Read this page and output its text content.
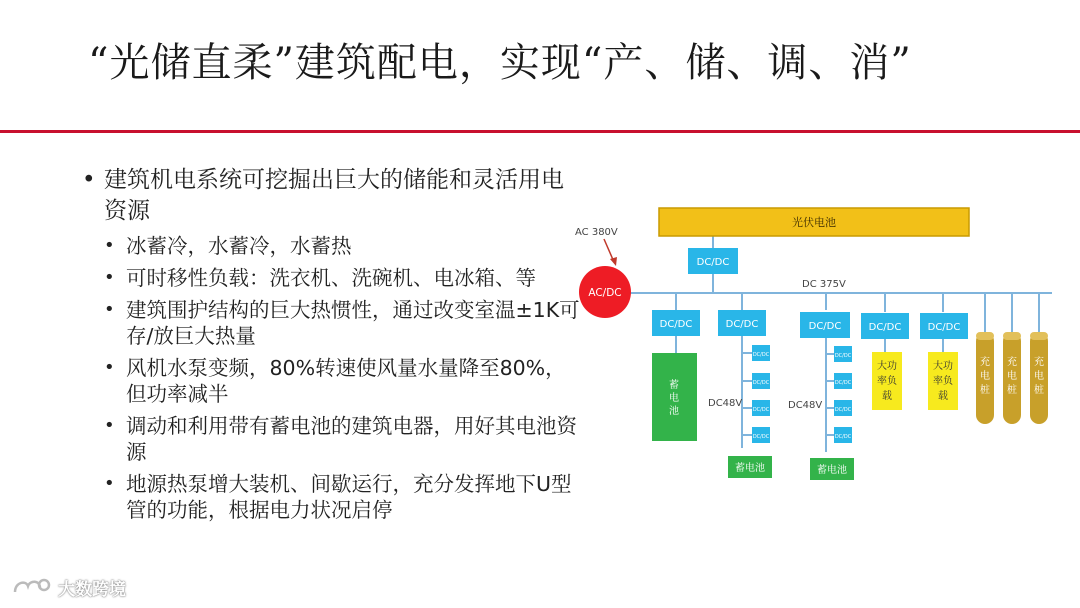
“光储直柔”建筑配电，实现“产、储、调、消”
• 建筑机电系统可挖掘出巨大的储能和灵活用电资源
• 冰蓄冷，水蓄冷，水蓄热
• 可时移性负载：洗衣机、洗碗机、电冰箱、等
• 建筑围护结构的巨大热惯性，通过改变室温±1K可存/放巨大热量
• 风机水泵变频，80%转速使风量水量降至80%，但功率减半
• 调动和利用带有蓄电池的建筑电器，用好其电池资源
• 地源热泵增大装机、间歇运行，充分发挥地下U型管的功能，根据电力状况启停
光伏电池
AC 380V
AC/DC
DC/DC
DC 375V
DC/DC	DC/DC	DC/DC	DC/DC	DC/DC
蓄
电
池
蓄电池
DC/DC
DC/DC
DC/DC
DC/DC
DC/DC
DC/DC
DC/DC
DC/DC
DC48V	DC48V
蓄电池	蓄电池
大功
率负
载
大功
率负
载
大功率负载
充
电
桩
充
电
桩
充
电
桩
充电桩
大数跨境
